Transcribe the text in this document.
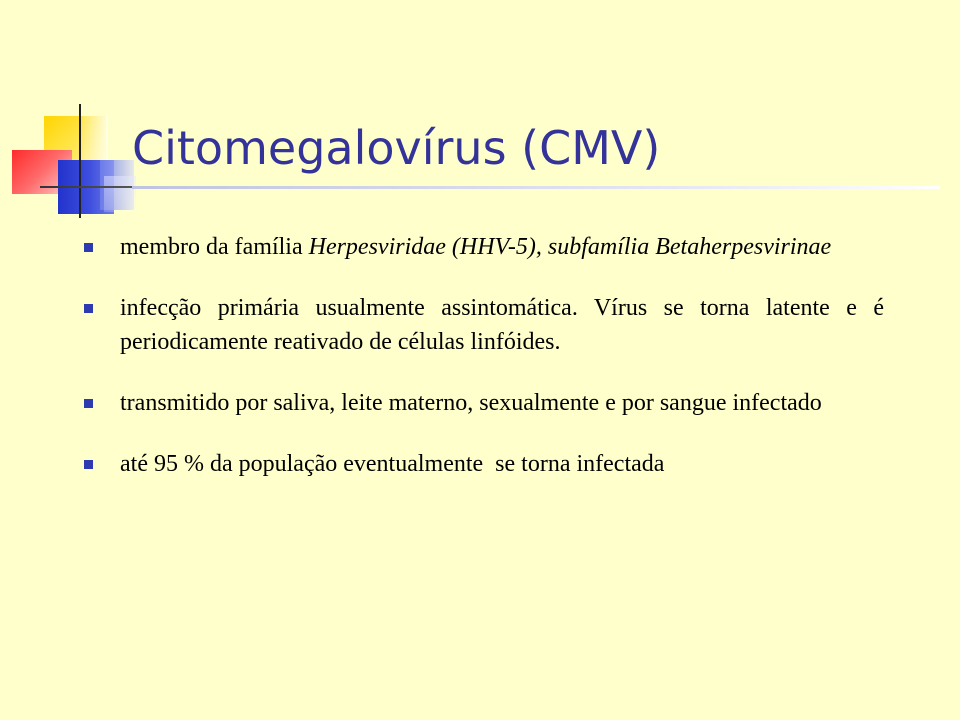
Citomegalovírus (CMV)
membro da família Herpesviridae (HHV-5), subfamília Betaherpesvirinae
infecção primária usualmente assintomática. Vírus se torna latente e é periodicamente reativado de células linfóides.
transmitido por saliva, leite materno, sexualmente e por sangue infectado
até 95 % da população eventualmente  se torna infectada
